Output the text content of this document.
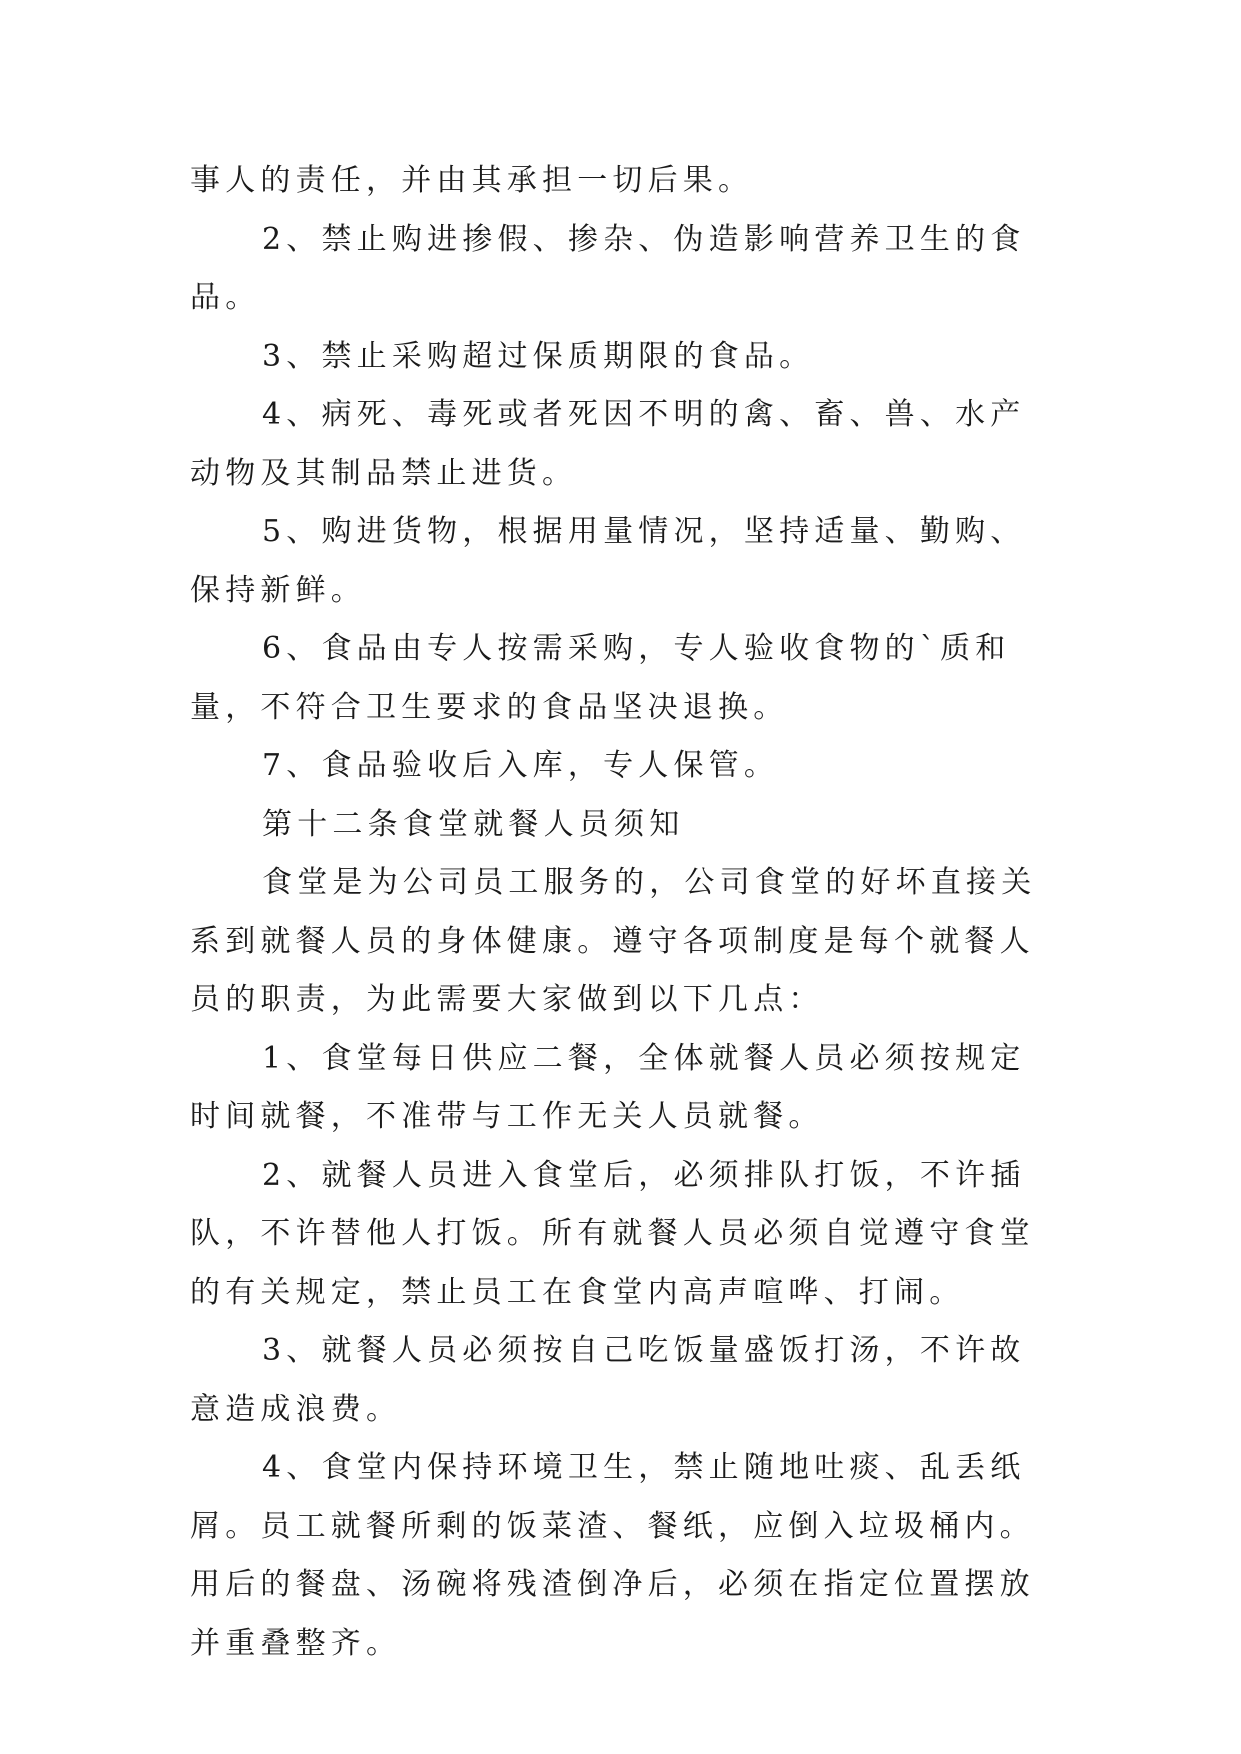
事人的责任，并由其承担一切后果。

2、禁止购进掺假、掺杂、伪造影响营养卫生的食品。

3、禁止采购超过保质期限的食品。

4、病死、毒死或者死因不明的禽、畜、兽、水产动物及其制品禁止进货。

5、购进货物，根据用量情况，坚持适量、勤购、保持新鲜。

6、食品由专人按需采购，专人验收食物的`质和量，不符合卫生要求的食品坚决退换。

7、食品验收后入库，专人保管。

第十二条食堂就餐人员须知

食堂是为公司员工服务的，公司食堂的好坏直接关系到就餐人员的身体健康。遵守各项制度是每个就餐人员的职责，为此需要大家做到以下几点：

1、食堂每日供应二餐，全体就餐人员必须按规定时间就餐，不准带与工作无关人员就餐。

2、就餐人员进入食堂后，必须排队打饭，不许插队，不许替他人打饭。所有就餐人员必须自觉遵守食堂的有关规定，禁止员工在食堂内高声喧哗、打闹。

3、就餐人员必须按自己吃饭量盛饭打汤，不许故意造成浪费。

4、食堂内保持环境卫生，禁止随地吐痰、乱丢纸屑。员工就餐所剩的饭菜渣、餐纸，应倒入垃圾桶内。用后的餐盘、汤碗将残渣倒净后，必须在指定位置摆放并重叠整齐。
